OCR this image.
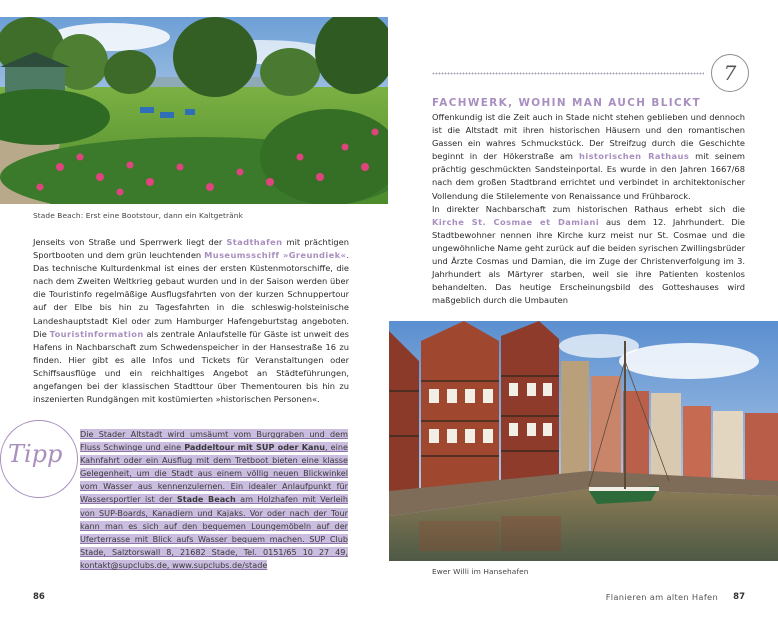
Stade Beach: Erst eine Bootstour, dann ein Kaltgetränk

Jenseits von Straße und Sperrwerk liegt der Stadthafen mit prächtigen Sportbooten und dem grün leuchtenden Museumsschiff »Greundiek«. Das technische Kulturdenkmal ist eines der ersten Küstenmotorschiffe, die nach dem Zweiten Weltkrieg gebaut wurden und in der Saison werden über die Touristinfo regelmäßige Ausflugsfahrten von der kurzen Schnuppertour auf der Elbe bis hin zu Tagesfahrten in die schleswig-holsteinische Landeshauptstadt Kiel oder zum Hamburger Hafengeburtstag angeboten. Die Touristinformation als zentrale Anlaufstelle für Gäste ist unweit des Hafens in Nachbarschaft zum Schwedenspeicher in der Hansestraße 16 zu finden. Hier gibt es alle Infos und Tickets für Veranstaltungen oder Schiffsausflüge und ein reichhaltiges Angebot an Städteführungen, angefangen bei der klassischen Stadttour über Thementouren bis hin zu inszenierten Rundgängen mit kostümierten »historischen Personen«.

Tipp
Die Stader Altstadt wird umsäumt vom Burggraben und dem Fluss Schwinge und eine Paddeltour mit SUP oder Kanu, eine Kahnfahrt oder ein Ausflug mit dem Tretboot bieten eine klasse Gelegenheit, um die Stadt aus einem völlig neuen Blickwinkel vom Wasser aus kennenzulernen. Ein idealer Anlaufpunkt für Wassersportler ist der Stade Beach am Holzhafen mit Verleih von SUP-Boards, Kanadiern und Kajaks. Vor oder nach der Tour kann man es sich auf den bequemen Loungemöbeln auf der Uferterrasse mit Blick aufs Wasser bequem machen. SUP Club Stade, Salztorswall 8, 21682 Stade, Tel. 0151/65 10 27 49, kontakt@supclubs.de, www.supclubs.de/stade
86
7
FACHWERK, WOHIN MAN AUCH BLICKT

Offenkundig ist die Zeit auch in Stade nicht stehen geblieben und dennoch ist die Altstadt mit ihren historischen Häusern und den romantischen Gassen ein wahres Schmuckstück. Der Streifzug durch die Geschichte beginnt in der Hökerstraße am historischen Rathaus mit seinem prächtig geschmückten Sandsteinportal. Es wurde in den Jahren 1667/68 nach dem großen Stadtbrand errichtet und verbindet in architektonischer Vollendung die Stilelemente von Renaissance und Frühbarock.
In direkter Nachbarschaft zum historischen Rathaus erhebt sich die Kirche St. Cosmae et Damiani aus dem 12. Jahrhundert. Die Stadtbewohner nennen ihre Kirche kurz meist nur St. Cosmae und die ungewöhnliche Name geht zurück auf die beiden syrischen Zwillingsbrüder und Ärzte Cosmas und Damian, die im Zuge der Christenverfolgung im 3. Jahrhundert als Märtyrer starben, weil sie ihre Patienten kostenlos behandelten. Das heutige Erscheinungsbild des Gotteshauses wird maßgeblich durch die Umbauten

Ewer Willi im Hansehafen
Flanieren am alten Hafen 87
